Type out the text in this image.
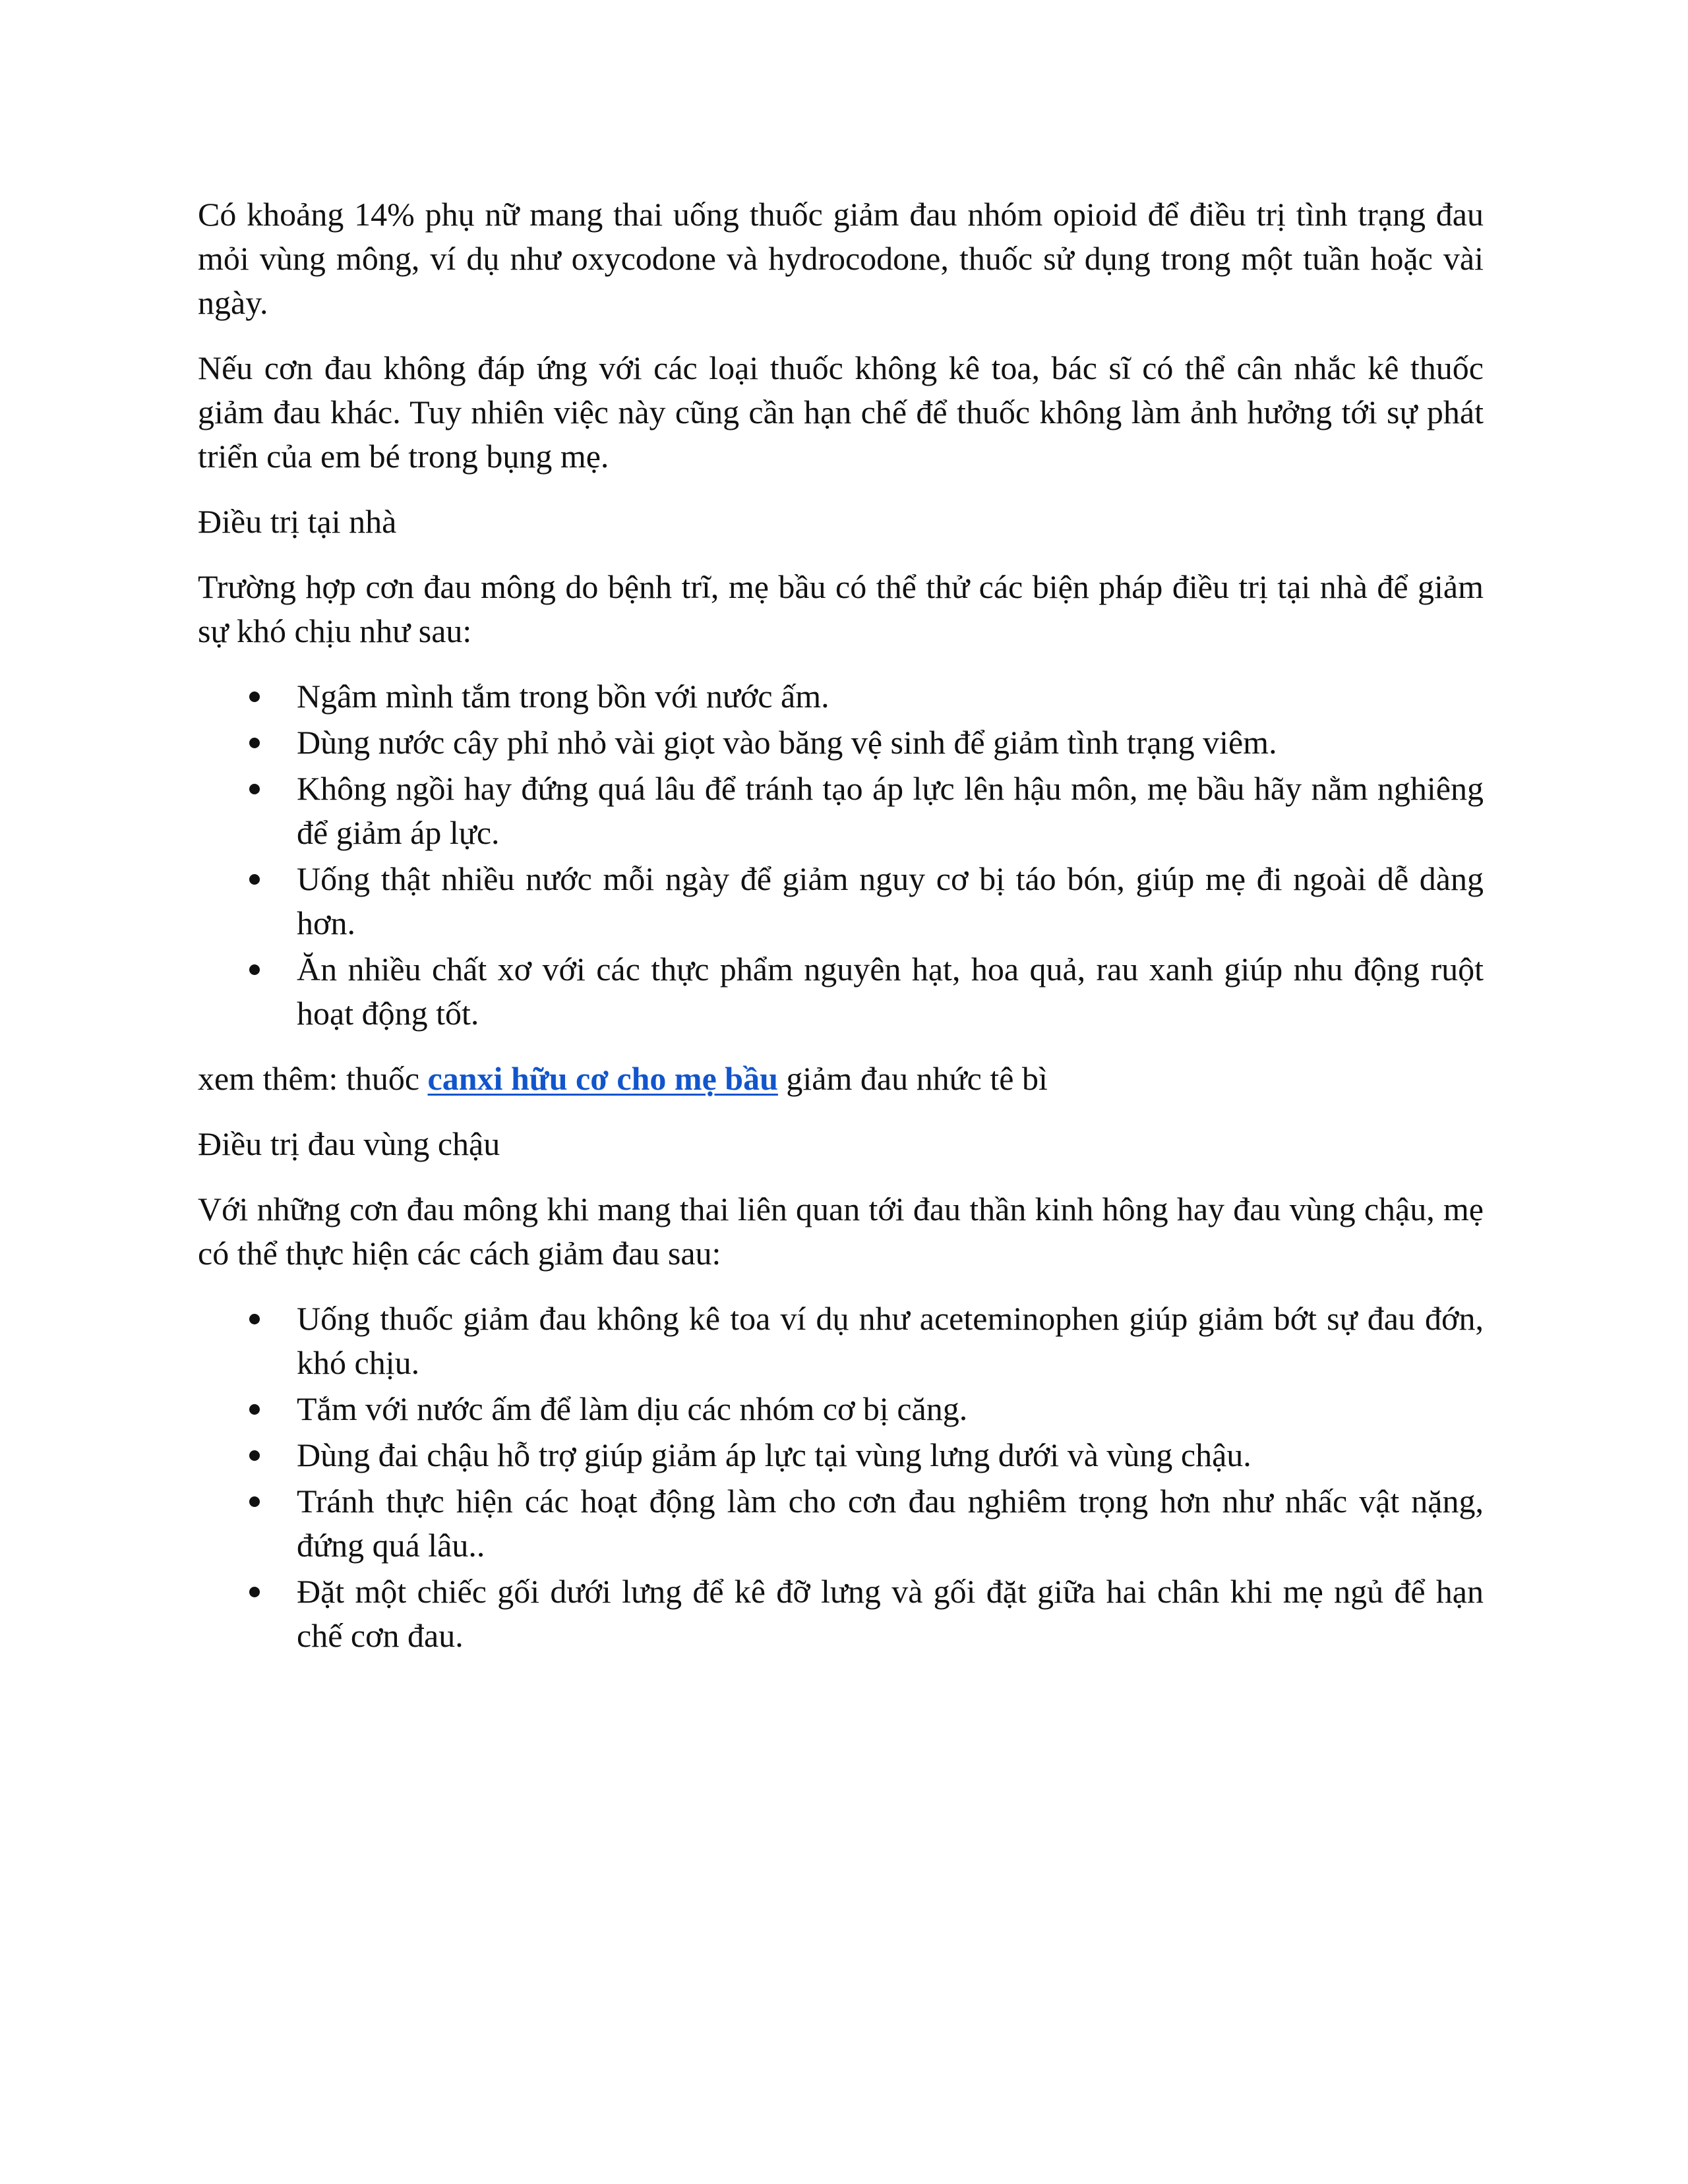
Có khoảng 14% phụ nữ mang thai uống thuốc giảm đau nhóm opioid để điều trị tình trạng đau mỏi vùng mông, ví dụ như oxycodone và hydrocodone, thuốc sử dụng trong một tuần hoặc vài ngày.

Nếu cơn đau không đáp ứng với các loại thuốc không kê toa, bác sĩ có thể cân nhắc kê thuốc giảm đau khác. Tuy nhiên việc này cũng cần hạn chế để thuốc không làm ảnh hưởng tới sự phát triển của em bé trong bụng mẹ.

Điều trị tại nhà

Trường hợp cơn đau mông do bệnh trĩ, mẹ bầu có thể thử các biện pháp điều trị tại nhà để giảm sự khó chịu như sau:

Ngâm mình tắm trong bồn với nước ấm.
Dùng nước cây phỉ nhỏ vài giọt vào băng vệ sinh để giảm tình trạng viêm.
Không ngồi hay đứng quá lâu để tránh tạo áp lực lên hậu môn, mẹ bầu hãy nằm nghiêng để giảm áp lực.
Uống thật nhiều nước mỗi ngày để giảm nguy cơ bị táo bón, giúp mẹ đi ngoài dễ dàng hơn.
Ăn nhiều chất xơ với các thực phẩm nguyên hạt, hoa quả, rau xanh giúp nhu động ruột hoạt động tốt.

xem thêm: thuốc canxi hữu cơ cho mẹ bầu giảm đau nhức tê bì

Điều trị đau vùng chậu

Với những cơn đau mông khi mang thai liên quan tới đau thần kinh hông hay đau vùng chậu, mẹ có thể thực hiện các cách giảm đau sau:

Uống thuốc giảm đau không kê toa ví dụ như aceteminophen giúp giảm bớt sự đau đớn, khó chịu.
Tắm với nước ấm để làm dịu các nhóm cơ bị căng.
Dùng đai chậu hỗ trợ giúp giảm áp lực tại vùng lưng dưới và vùng chậu.
Tránh thực hiện các hoạt động làm cho cơn đau nghiêm trọng hơn như nhấc vật nặng, đứng quá lâu..
Đặt một chiếc gối dưới lưng để kê đỡ lưng và gối đặt giữa hai chân khi mẹ ngủ để hạn chế cơn đau.
